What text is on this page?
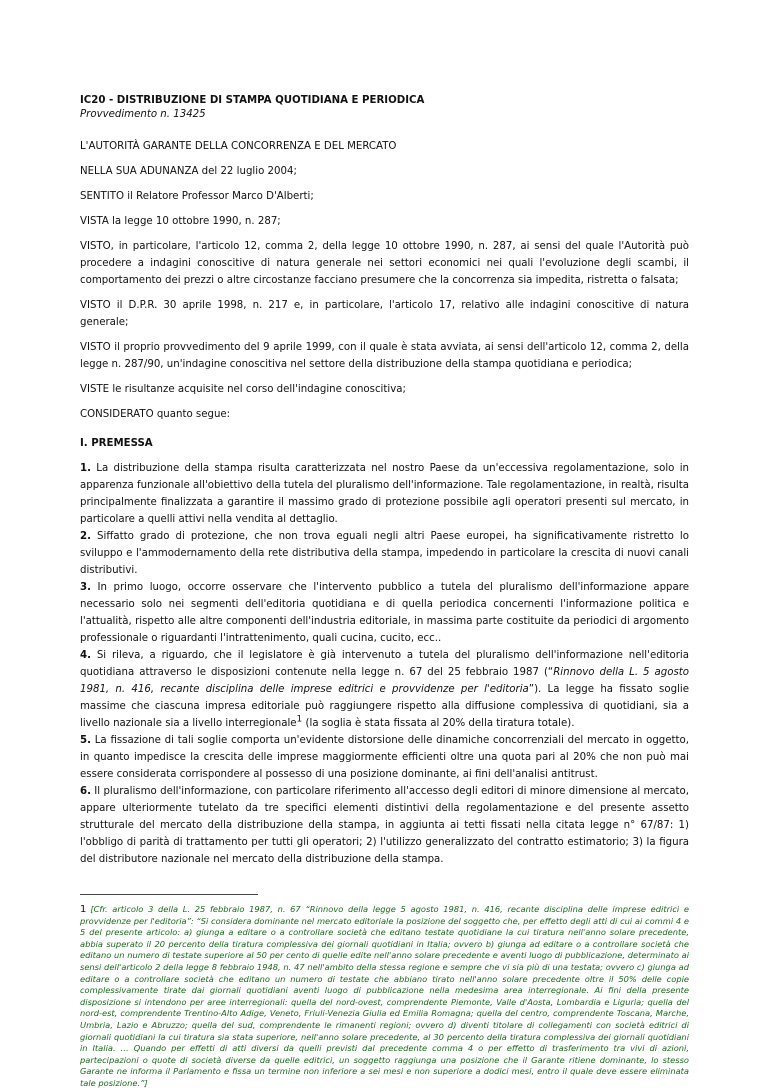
IC20 - DISTRIBUZIONE DI STAMPA QUOTIDIANA E PERIODICA
Provvedimento n. 13425

L'AUTORITÀ GARANTE DELLA CONCORRENZA E DEL MERCATO

NELLA SUA ADUNANZA del 22 luglio 2004;

SENTITO il Relatore Professor Marco D'Alberti;

VISTA la legge 10 ottobre 1990, n. 287;

VISTO, in particolare, l'articolo 12, comma 2, della legge 10 ottobre 1990, n. 287, ai sensi del quale l'Autorità può procedere a indagini conoscitive di natura generale nei settori economici nei quali l'evoluzione degli scambi, il comportamento dei prezzi o altre circostanze facciano presumere che la concorrenza sia impedita, ristretta o falsata;

VISTO il D.P.R. 30 aprile 1998, n. 217 e, in particolare, l'articolo 17, relativo alle indagini conoscitive di natura generale;

VISTO il proprio provvedimento del 9 aprile 1999, con il quale è stata avviata, ai sensi dell'articolo 12, comma 2, della legge n. 287/90, un'indagine conoscitiva nel settore della distribuzione della stampa quotidiana e periodica;

VISTE le risultanze acquisite nel corso dell'indagine conoscitiva;

CONSIDERATO quanto segue:

I. PREMESSA

1. La distribuzione della stampa risulta caratterizzata nel nostro Paese da un'eccessiva regolamentazione, solo in apparenza funzionale all'obiettivo della tutela del pluralismo dell'informazione. Tale regolamentazione, in realtà, risulta principalmente finalizzata a garantire il massimo grado di protezione possibile agli operatori presenti sul mercato, in particolare a quelli attivi nella vendita al dettaglio.

2. Siffatto grado di protezione, che non trova eguali negli altri Paese europei, ha significativamente ristretto lo sviluppo e l'ammodernamento della rete distributiva della stampa, impedendo in particolare la crescita di nuovi canali distributivi.

3. In primo luogo, occorre osservare che l'intervento pubblico a tutela del pluralismo dell'informazione appare necessario solo nei segmenti dell'editoria quotidiana e di quella periodica concernenti l'informazione politica e l'attualità, rispetto alle altre componenti dell'industria editoriale, in massima parte costituite da periodici di argomento professionale o riguardanti l'intrattenimento, quali cucina, cucito, ecc..

4. Si rileva, a riguardo, che il legislatore è già intervenuto a tutela del pluralismo dell'informazione nell'editoria quotidiana attraverso le disposizioni contenute nella legge n. 67 del 25 febbraio 1987 (“Rinnovo della L. 5 agosto 1981, n. 416, recante disciplina delle imprese editrici e provvidenze per l'editoria”). La legge ha fissato soglie massime che ciascuna impresa editoriale può raggiungere rispetto alla diffusione complessiva di quotidiani, sia a livello nazionale sia a livello interregionale1 (la soglia è stata fissata al 20% della tiratura totale).

5. La fissazione di tali soglie comporta un'evidente distorsione delle dinamiche concorrenziali del mercato in oggetto, in quanto impedisce la crescita delle imprese maggiormente efficienti oltre una quota pari al 20% che non può mai essere considerata corrispondere al possesso di una posizione dominante, ai fini dell'analisi antitrust.

6. Il pluralismo dell'informazione, con particolare riferimento all'accesso degli editori di minore dimensione al mercato, appare ulteriormente tutelato da tre specifici elementi distintivi della regolamentazione e del presente assetto strutturale del mercato della distribuzione della stampa, in aggiunta ai tetti fissati nella citata legge n° 67/87: 1) l'obbligo di parità di trattamento per tutti gli operatori; 2) l'utilizzo generalizzato del contratto estimatorio; 3) la figura del distributore nazionale nel mercato della distribuzione della stampa.

1 [Cfr. articolo 3 della L. 25 febbraio 1987, n. 67 “Rinnovo della legge 5 agosto 1981, n. 416, recante disciplina delle imprese editrici e provvidenze per l'editoria”: “Si considera dominante nel mercato editoriale la posizione del soggetto che, per effetto degli atti di cui ai commi 4 e 5 del presente articolo: a) giunga a editare o a controllare società che editano testate quotidiane la cui tiratura nell'anno solare precedente, abbia superato il 20 percento della tiratura complessiva dei giornali quotidiani in Italia; ovvero b) giunga ad editare o a controllare società che editano un numero di testate superiore al 50 per cento di quelle edite nell'anno solare precedente e aventi luogo di pubblicazione, determinato ai sensi dell'articolo 2 della legge 8 febbraio 1948, n. 47 nell'ambito della stessa regione e sempre che vi sia più di una testata; ovvero c) giunga ad editare o a controllare società che editano un numero di testate che abbiano tirato nell'anno solare precedente oltre il 50% delle copie complessivamente tirate dai giornali quotidiani aventi luogo di pubblicazione nella medesima area interregionale. Ai fini della presente disposizione si intendono per aree interregionali: quella del nord-ovest, comprendente Piemonte, Valle d'Aosta, Lombardia e Liguria; quella del nord-est, comprendente Trentino-Alto Adige, Veneto, Friuli-Venezia Giulia ed Emilia Romagna; quella del centro, comprendente Toscana, Marche, Umbria, Lazio e Abruzzo; quella del sud, comprendente le rimanenti regioni; ovvero d) diventi titolare di collegamenti con società editrici di giornali quotidiani la cui tiratura sia stata superiore, nell'anno solare precedente, al 30 percento della tiratura complessiva dei giornali quotidiani in Italia. … Quando per effetti di atti diversi da quelli previsti dal precedente comma 4 o per effetto di trasferimento tra vivi di azioni, partecipazioni o quote di società diverse da quelle editrici, un soggetto raggiunga una posizione che il Garante ritiene dominante, lo stesso Garante ne informa il Parlamento e fissa un termine non inferiore a sei mesi e non superiore a dodici mesi, entro il quale deve essere eliminata tale posizione.”]
